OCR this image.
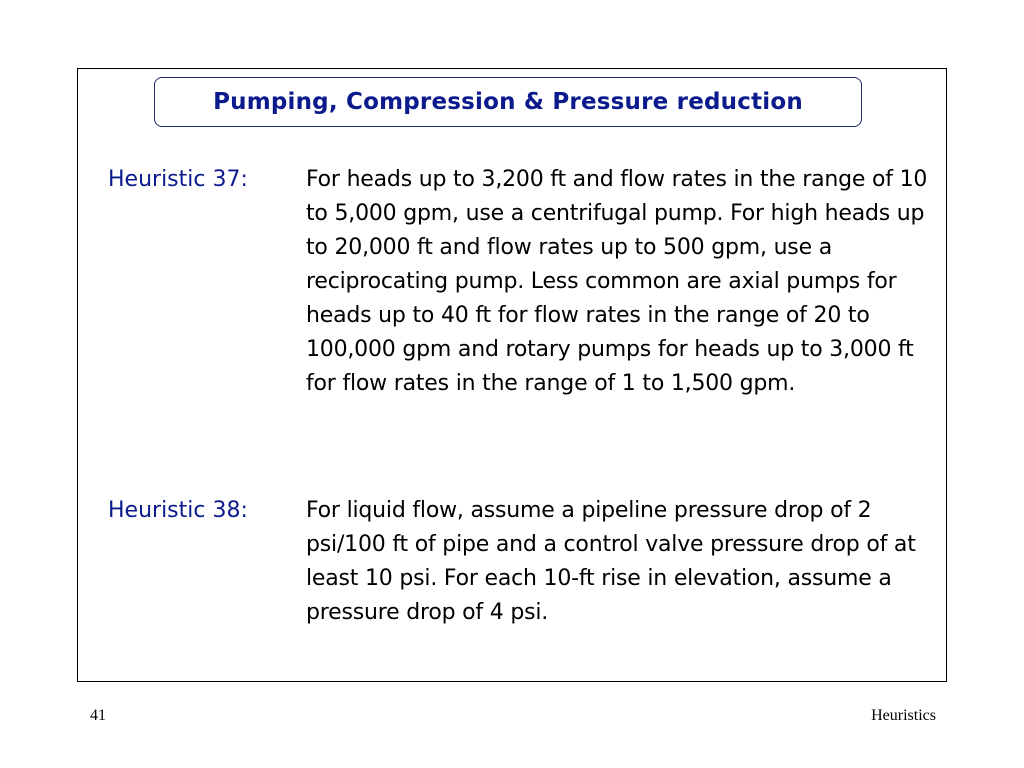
Pumping, Compression & Pressure reduction
Heuristic 37:	For heads up to 3,200 ft and flow rates in the range of 10 to 5,000 gpm, use a centrifugal pump. For high heads up to 20,000 ft and flow rates up to 500 gpm, use a reciprocating pump. Less common are axial pumps for heads up to 40 ft for flow rates in the range of 20 to 100,000 gpm and rotary pumps for heads up to 3,000 ft for flow rates in the range of 1 to 1,500 gpm.
Heuristic 38:	For liquid flow, assume a pipeline pressure drop of 2 psi/100 ft of pipe and a control valve pressure drop of at least 10 psi. For each 10-ft rise in elevation, assume a pressure drop of 4 psi.
41	Heuristics
